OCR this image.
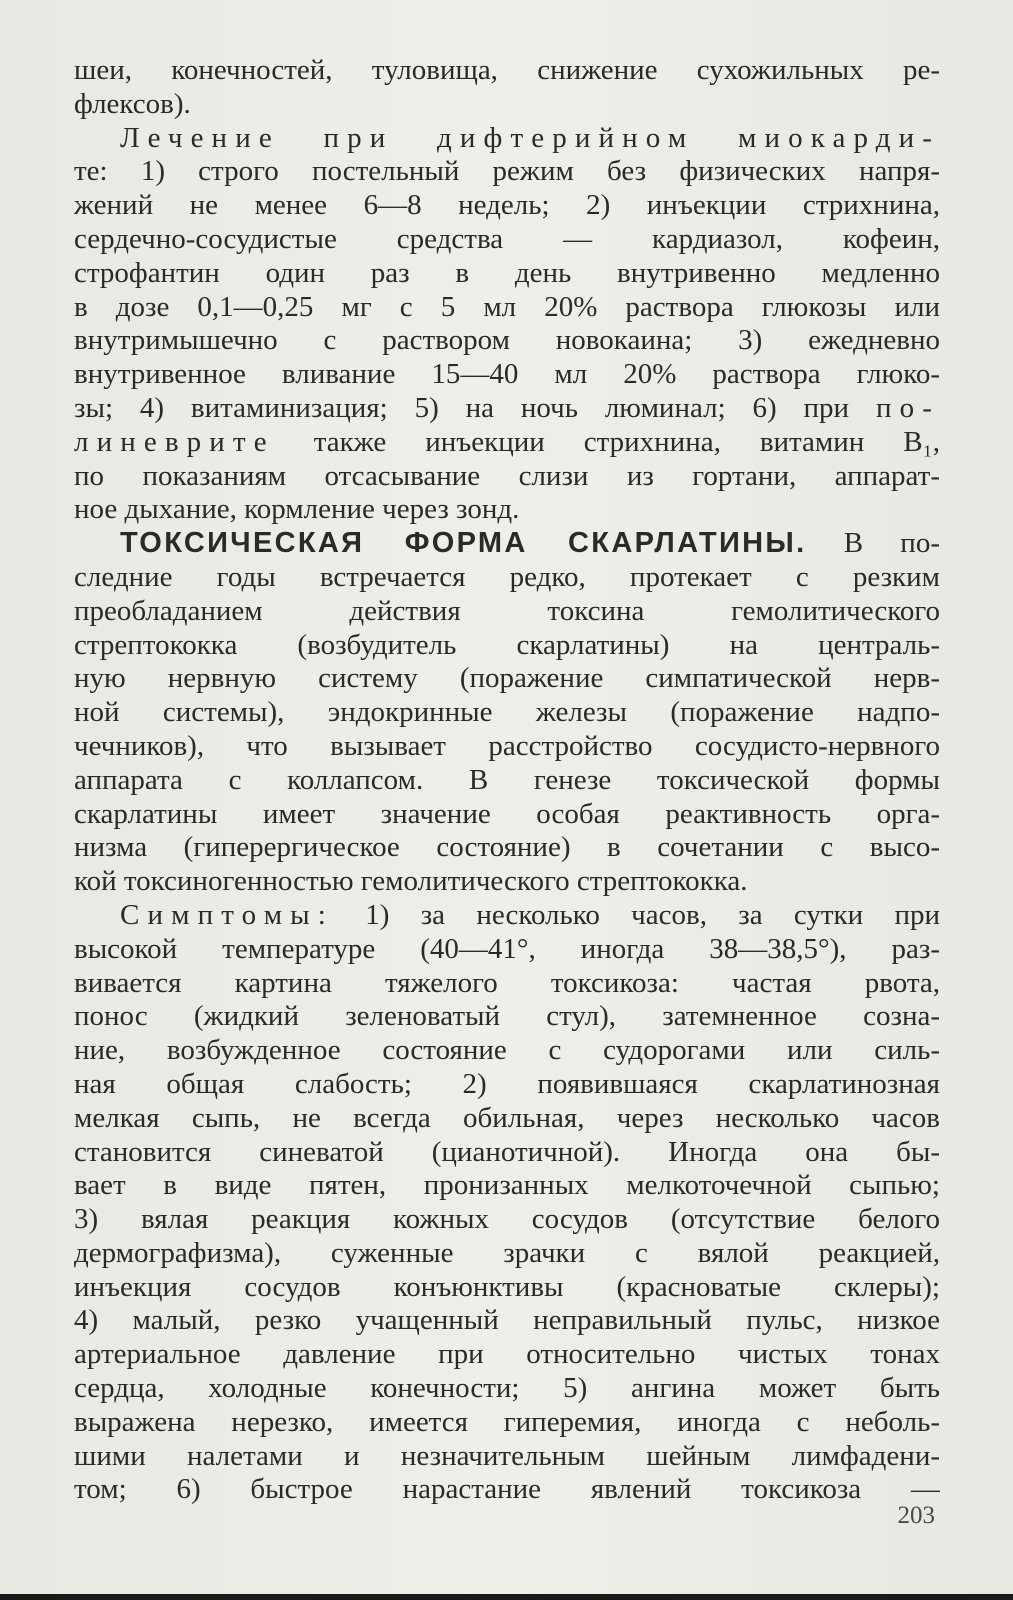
шеи, конечностей, туловища, снижение сухожильных ре-
флексов).
Лечение при дифтерийном миокарди-
те: 1) строго постельный режим без физических напря-
жений не менее 6—8 недель; 2) инъекции стрихнина,
сердечно-сосудистые средства — кардиазол, кофеин,
строфантин один раз в день внутривенно медленно
в дозе 0,1—0,25 мг с 5 мл 20% раствора глюкозы или
внутримышечно с раствором новокаина; 3) ежедневно
внутривенное вливание 15—40 мл 20% раствора глюко-
зы; 4) витаминизация; 5) на ночь люминал; 6) при по-
линеврите также инъекции стрихнина, витамин B₁,
по показаниям отсасывание слизи из гортани, аппарат-
ное дыхание, кормление через зонд.
ТОКСИЧЕСКАЯ ФОРМА СКАРЛАТИНЫ. В по-
следние годы встречается редко, протекает с резким
преобладанием действия токсина гемолитического
стрептококка (возбудитель скарлатины) на централь-
ную нервную систему (поражение симпатической нерв-
ной системы), эндокринные железы (поражение надпо-
чечников), что вызывает расстройство сосудисто-нервного
аппарата с коллапсом. В генезе токсической формы
скарлатины имеет значение особая реактивность орга-
низма (гиперергическое состояние) в сочетании с высо-
кой токсиногенностью гемолитического стрептококка.
Симптомы: 1) за несколько часов, за сутки при
высокой температуре (40—41°, иногда 38—38,5°), раз-
вивается картина тяжелого токсикоза: частая рвота,
понос (жидкий зеленоватый стул), затемненное созна-
ние, возбужденное состояние с судорогами или силь-
ная общая слабость; 2) появившаяся скарлатинозная
мелкая сыпь, не всегда обильная, через несколько часов
становится синеватой (цианотичной). Иногда она бы-
вает в виде пятен, пронизанных мелкоточечной сыпью;
3) вялая реакция кожных сосудов (отсутствие белого
дермографизма), суженные зрачки с вялой реакцией,
инъекция сосудов конъюнктивы (красноватые склеры);
4) малый, резко учащенный неправильный пульс, низкое
артериальное давление при относительно чистых тонах
сердца, холодные конечности; 5) ангина может быть
выражена нерезко, имеется гиперемия, иногда с неболь-
шими налетами и незначительным шейным лимфадени-
том; 6) быстрое нарастание явлений токсикоза —
203
